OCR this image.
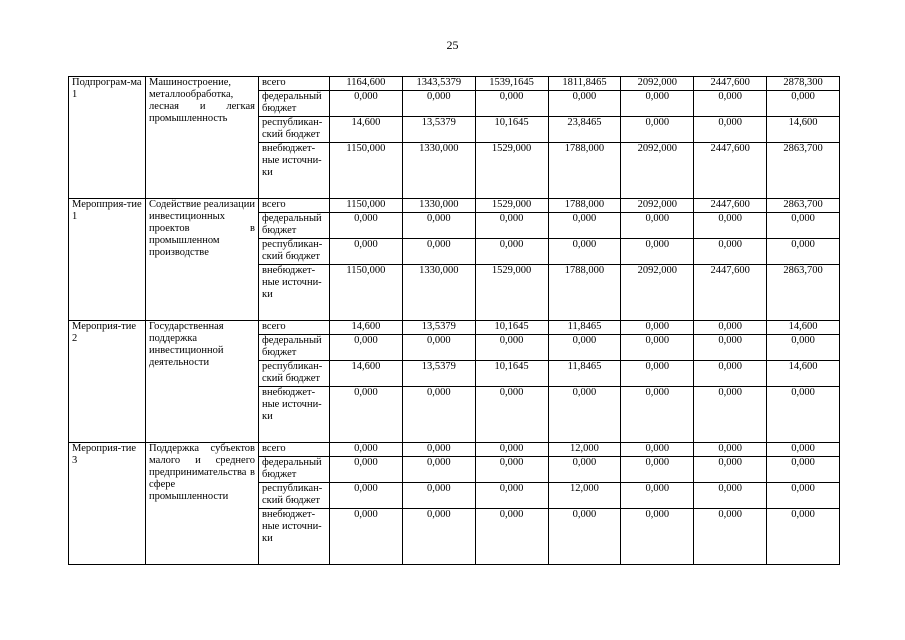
25
Подпрограм-ма 1	Машиностроение, металлообработка, лесная и легкая промышленность	всего	1164,600	1343,5379	1539,1645	1811,8465	2092,000	2447,600	2878,300
		федеральный бюджет	0,000	0,000	0,000	0,000	0,000	0,000	0,000
		республикан-ский бюджет	14,600	13,5379	10,1645	23,8465	0,000	0,000	14,600
		внебюджет-ные источни-ки	1150,000	1330,000	1529,000	1788,000	2092,000	2447,600	2863,700
Меропприя-тие 1	Содействие реализации инвестиционных проектов в промышленном производстве	всего	1150,000	1330,000	1529,000	1788,000	2092,000	2447,600	2863,700
		федеральный бюджет	0,000	0,000	0,000	0,000	0,000	0,000	0,000
		республикан-ский бюджет	0,000	0,000	0,000	0,000	0,000	0,000	0,000
		внебюджет-ные источни-ки	1150,000	1330,000	1529,000	1788,000	2092,000	2447,600	2863,700
Мероприя-тие 2	Государственная поддержка инвестиционной деятельности	всего	14,600	13,5379	10,1645	11,8465	0,000	0,000	14,600
		федеральный бюджет	0,000	0,000	0,000	0,000	0,000	0,000	0,000
		республикан-ский бюджет	14,600	13,5379	10,1645	11,8465	0,000	0,000	14,600
		внебюджет-ные источни-ки	0,000	0,000	0,000	0,000	0,000	0,000	0,000
Мероприя-тие 3	Поддержка субъектов малого и среднего предпринимательства в сфере промышленности	всего	0,000	0,000	0,000	12,000	0,000	0,000	0,000
		федеральный бюджет	0,000	0,000	0,000	0,000	0,000	0,000	0,000
		республикан-ский бюджет	0,000	0,000	0,000	12,000	0,000	0,000	0,000
		внебюджет-ные источни-ки	0,000	0,000	0,000	0,000	0,000	0,000	0,000
